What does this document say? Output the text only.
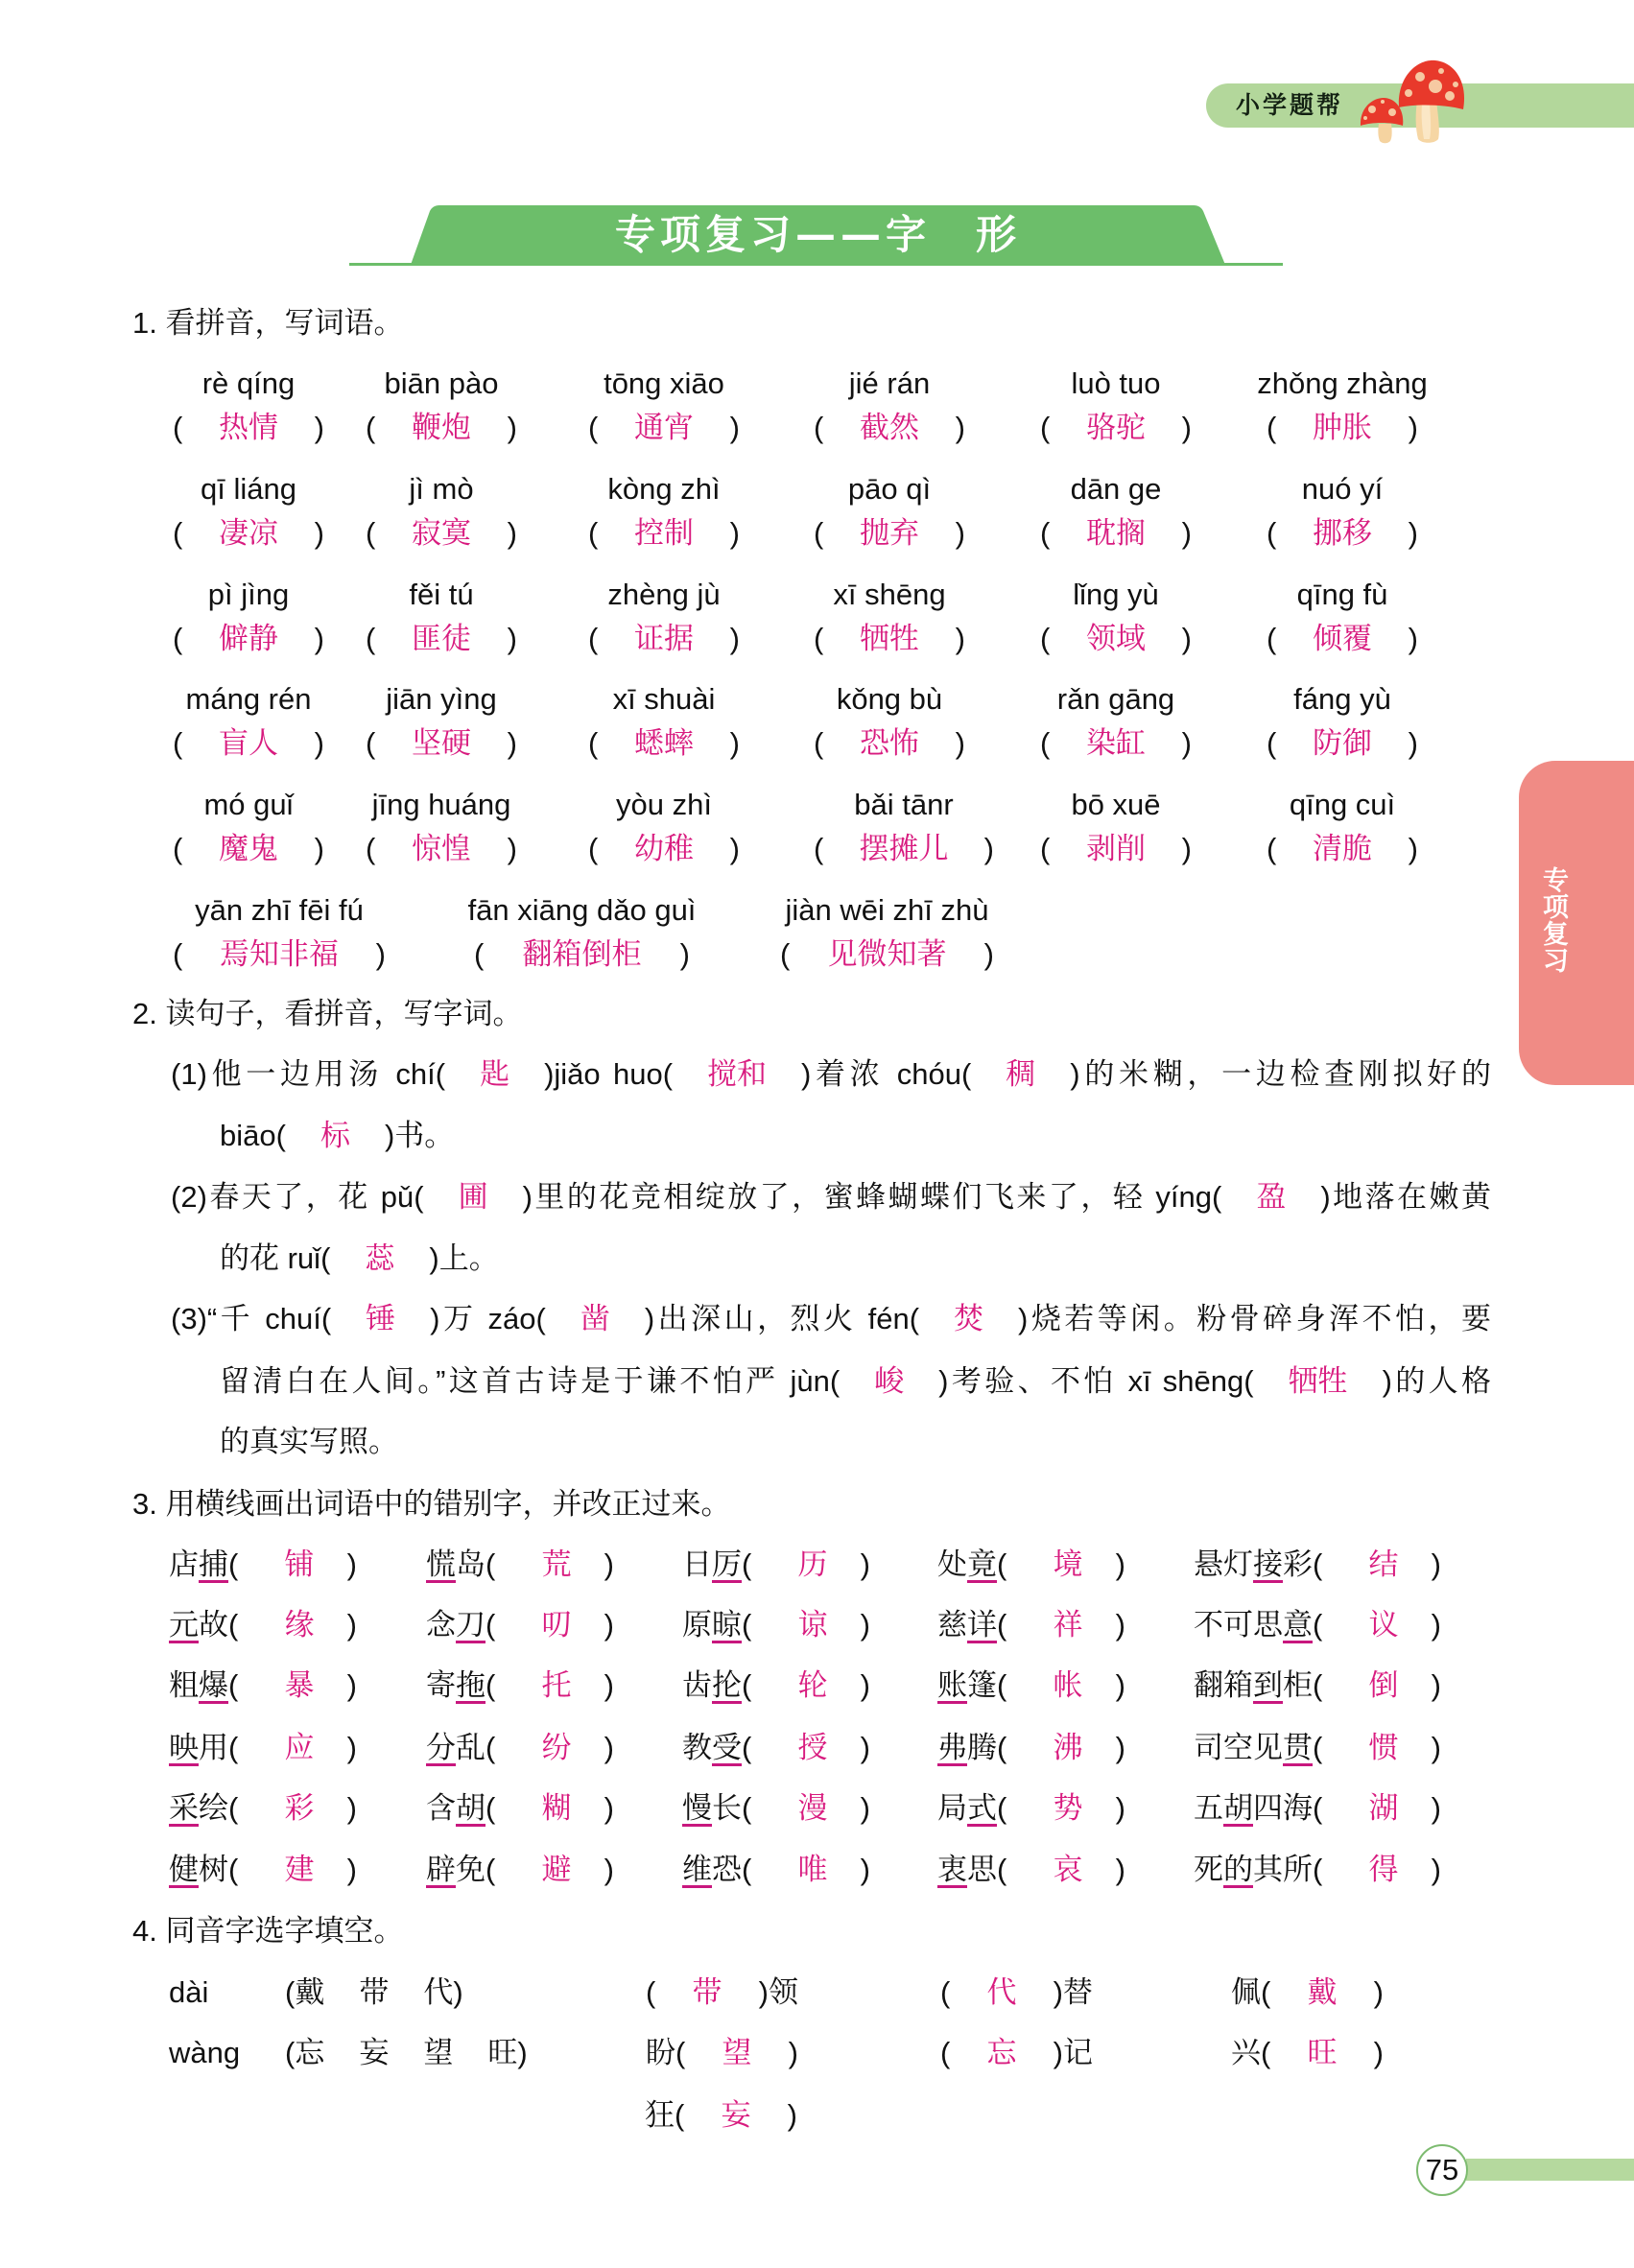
小学题帮
专项复习——字　形
专项复习
1. 看拼音，写词语。
rè qíng
( 热情 )
biān pào
( 鞭炮 )
tōng xiāo
( 通宵 )
jié rán
( 截然 )
luò tuo
( 骆驼 )
zhǒng zhàng
( 肿胀 )
qī liáng
( 凄凉 )
jì mò
( 寂寞 )
kòng zhì
( 控制 )
pāo qì
( 抛弃 )
dān ge
( 耽搁 )
nuó yí
( 挪移 )
pì jìng
( 僻静 )
fěi tú
( 匪徒 )
zhèng jù
( 证据 )
xī shēng
( 牺牲 )
lǐng yù
( 领域 )
qīng fù
( 倾覆 )
máng rén
( 盲人 )
jiān yìng
( 坚硬 )
xī shuài
( 蟋蟀 )
kǒng bù
( 恐怖 )
rǎn gāng
( 染缸 )
fáng yù
( 防御 )
mó guǐ
( 魔鬼 )
jīng huáng
( 惊惶 )
yòu zhì
( 幼稚 )
bǎi tānr
( 摆摊儿 )
bō xuē
( 剥削 )
qīng cuì
( 清脆 )
yān zhī fēi fú
( 焉知非福 )
fān xiāng dǎo guì
( 翻箱倒柜 )
jiàn wēi zhī zhù
( 见微知著 )
2. 读句子，看拼音，写字词。
(1)他一边用汤 chí ( 匙 ) jiǎo huo ( 搅和 ) 着浓 chóu ( 稠 ) 的米糊，一边检查刚拟好的
biāo ( 标 ) 书。
(2)春天了，花 pǔ ( 圃 ) 里的花竞相绽放了，蜜蜂蝴蝶们飞来了，轻 yíng ( 盈 ) 地落在嫩黄
的花 ruǐ ( 蕊 ) 上。
(3)“千 chuí ( 锤 ) 万 záo ( 凿 ) 出深山，烈火 fén ( 焚 ) 烧若等闲。粉骨碎身浑不怕，要
留清白在人间。”这首古诗是于谦不怕严 jùn ( 峻 ) 考验、不怕 xī shēng ( 牺牲 ) 的人格
的真实写照。
3. 用横线画出词语中的错别字，并改正过来。
店捕	( 铺 )	慌岛	( 荒 )	日厉	( 历 )	处竟	( 境 )	悬灯接彩	( 结 )
元故	( 缘 )	念刀	( 叨 )	原晾	( 谅 )	慈详	( 祥 )	不可思意	( 议 )
粗爆	( 暴 )	寄拖	( 托 )	齿抡	( 轮 )	账篷	( 帐 )	翻箱到柜	( 倒 )
映用	( 应 )	分乱	( 纷 )	教受	( 授 )	弗腾	( 沸 )	司空见贯	( 惯 )
采绘	( 彩 )	含胡	( 糊 )	慢长	( 漫 )	局式	( 势 )	五胡四海	( 湖 )
健树	( 建 )	辟免	( 避 )	维恐	( 唯 )	衷思	( 哀 )	死的其所	( 得 )
4. 同音字选字填空。
dài	( 戴 带 代 )	( 带 )	领	( 代 )	替	佩	( 戴 )
wàng	( 忘 妄 望 旺 )	盼	( 望 )	( 忘 )	记	兴	( 旺 )
狂	( 妄 )
75
